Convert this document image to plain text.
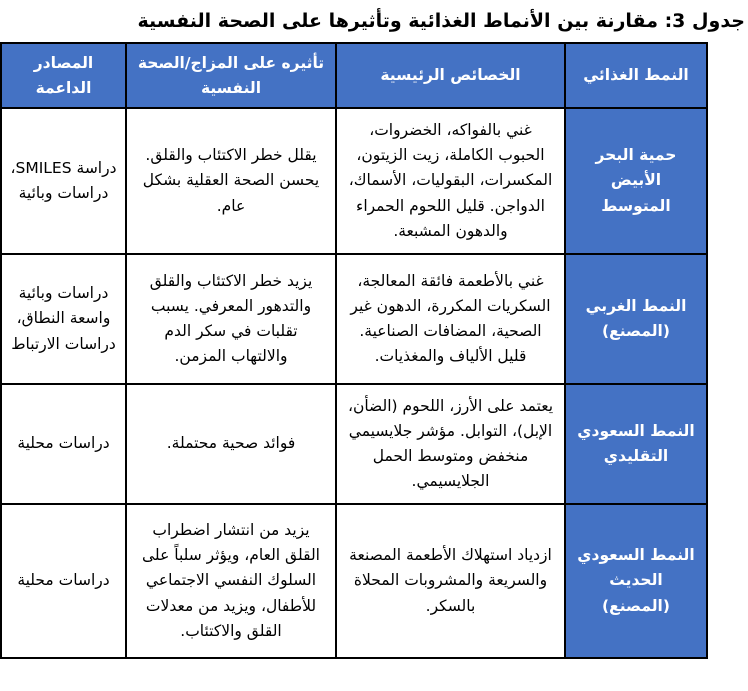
جدول 3: مقارنة بين الأنماط الغذائية وتأثيرها على الصحة النفسية
النمط الغذائي	الخصائص الرئيسية	تأثيره على المزاج/الصحة النفسية	المصادر الداعمة
حمية البحر الأبيض المتوسط	غني بالفواكه، الخضروات، الحبوب الكاملة، زيت الزيتون، المكسرات، البقوليات، الأسماك، الدواجن. قليل اللحوم الحمراء والدهون المشبعة.	يقلل خطر الاكتئاب والقلق. يحسن الصحة العقلية بشكل عام.	دراسة SMILES، دراسات وبائية
النمط الغربي (المصنع)	غني بالأطعمة فائقة المعالجة، السكريات المكررة، الدهون غير الصحية، المضافات الصناعية. قليل الألياف والمغذيات.	يزيد خطر الاكتئاب والقلق والتدهور المعرفي. يسبب تقلبات في سكر الدم والالتهاب المزمن.	دراسات وبائية واسعة النطاق، دراسات الارتباط
النمط السعودي التقليدي	يعتمد على الأرز، اللحوم (الضأن، الإبل)، التوابل. مؤشر جلايسيمي منخفض ومتوسط الحمل الجلايسيمي.	فوائد صحية محتملة.	دراسات محلية
النمط السعودي الحديث (المصنع)	ازدياد استهلاك الأطعمة المصنعة والسريعة والمشروبات المحلاة بالسكر.	يزيد من انتشار اضطراب القلق العام، ويؤثر سلباً على السلوك النفسي الاجتماعي للأطفال، ويزيد من معدلات القلق والاكتئاب.	دراسات محلية
